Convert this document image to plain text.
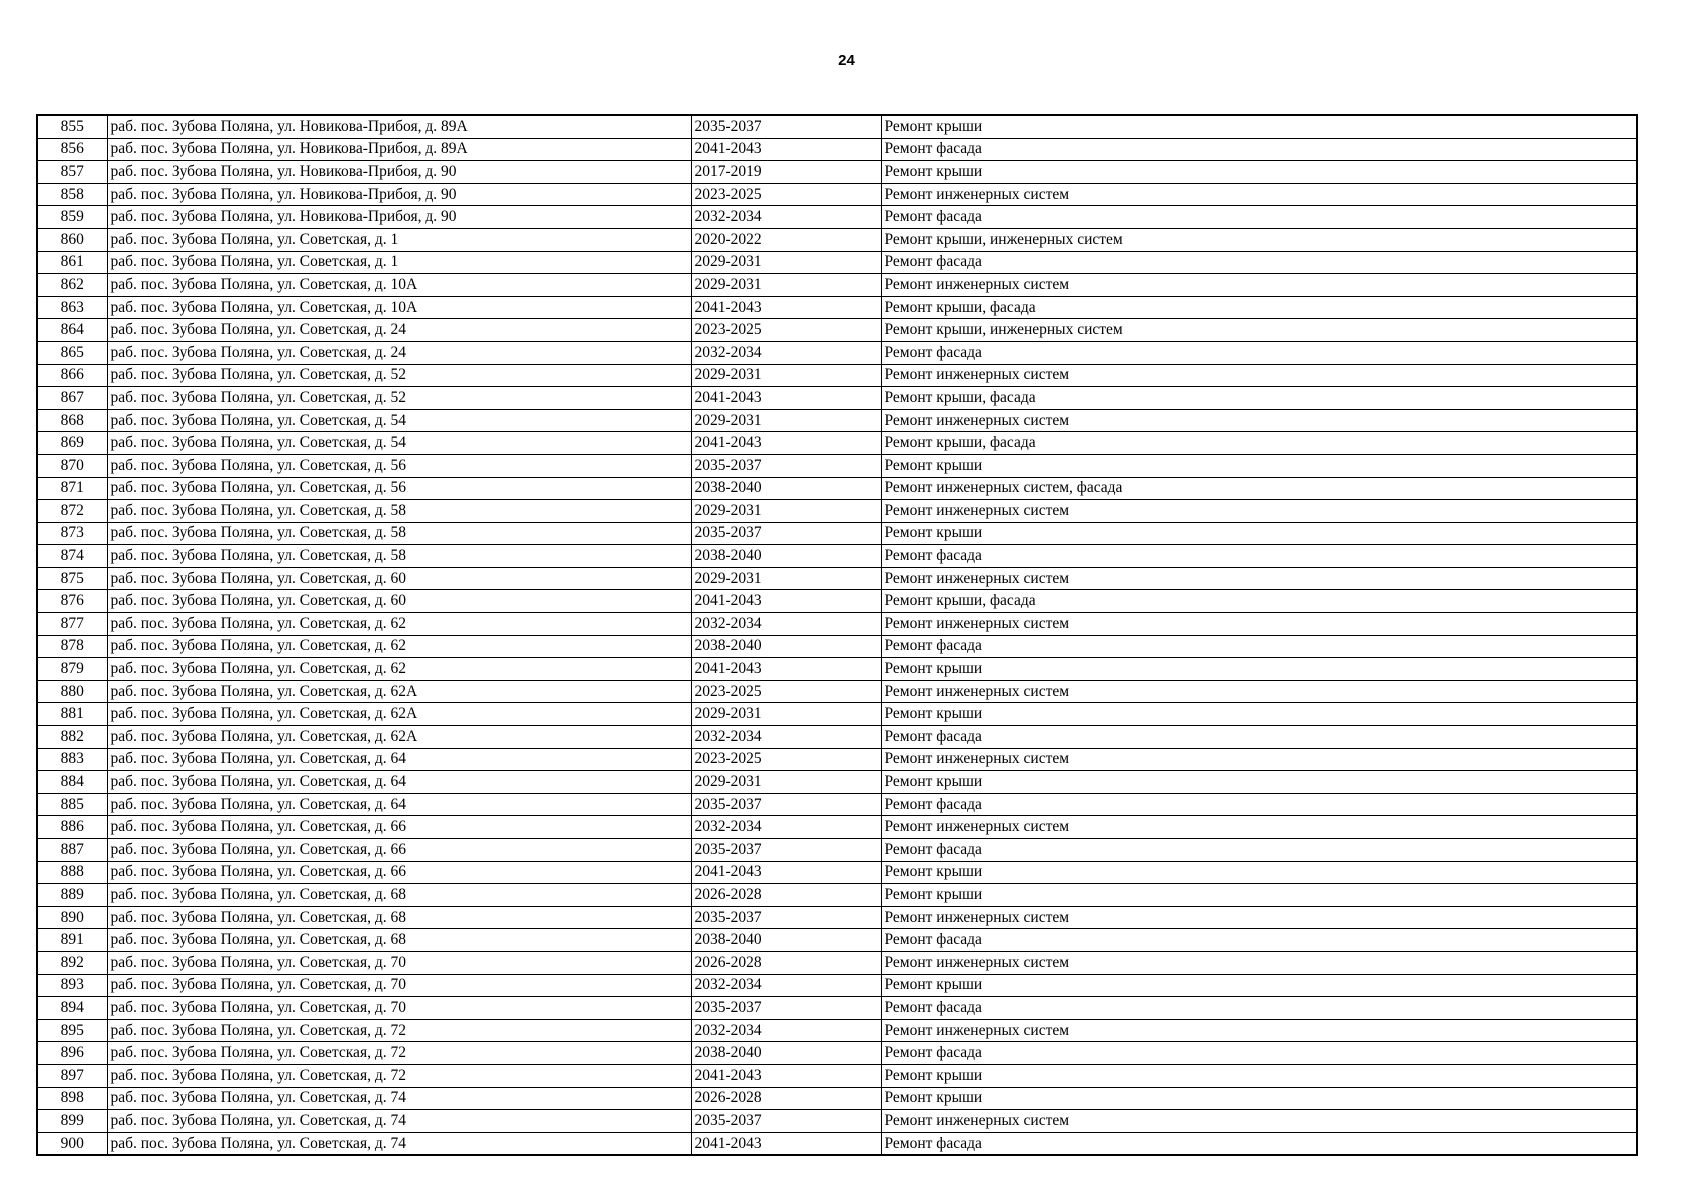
24
855	раб. пос. Зубова Поляна, ул. Новикова-Прибоя, д. 89А	2035-2037	Ремонт крыши
856	раб. пос. Зубова Поляна, ул. Новикова-Прибоя, д. 89А	2041-2043	Ремонт фасада
857	раб. пос. Зубова Поляна, ул. Новикова-Прибоя, д. 90	2017-2019	Ремонт крыши
858	раб. пос. Зубова Поляна, ул. Новикова-Прибоя, д. 90	2023-2025	Ремонт инженерных систем
859	раб. пос. Зубова Поляна, ул. Новикова-Прибоя, д. 90	2032-2034	Ремонт фасада
860	раб. пос. Зубова Поляна, ул. Советская, д. 1	2020-2022	Ремонт крыши, инженерных систем
861	раб. пос. Зубова Поляна, ул. Советская, д. 1	2029-2031	Ремонт фасада
862	раб. пос. Зубова Поляна, ул. Советская, д. 10А	2029-2031	Ремонт инженерных систем
863	раб. пос. Зубова Поляна, ул. Советская, д. 10А	2041-2043	Ремонт крыши, фасада
864	раб. пос. Зубова Поляна, ул. Советская, д. 24	2023-2025	Ремонт крыши, инженерных систем
865	раб. пос. Зубова Поляна, ул. Советская, д. 24	2032-2034	Ремонт фасада
866	раб. пос. Зубова Поляна, ул. Советская, д. 52	2029-2031	Ремонт инженерных систем
867	раб. пос. Зубова Поляна, ул. Советская, д. 52	2041-2043	Ремонт крыши, фасада
868	раб. пос. Зубова Поляна, ул. Советская, д. 54	2029-2031	Ремонт инженерных систем
869	раб. пос. Зубова Поляна, ул. Советская, д. 54	2041-2043	Ремонт крыши, фасада
870	раб. пос. Зубова Поляна, ул. Советская, д. 56	2035-2037	Ремонт крыши
871	раб. пос. Зубова Поляна, ул. Советская, д. 56	2038-2040	Ремонт инженерных систем, фасада
872	раб. пос. Зубова Поляна, ул. Советская, д. 58	2029-2031	Ремонт инженерных систем
873	раб. пос. Зубова Поляна, ул. Советская, д. 58	2035-2037	Ремонт крыши
874	раб. пос. Зубова Поляна, ул. Советская, д. 58	2038-2040	Ремонт фасада
875	раб. пос. Зубова Поляна, ул. Советская, д. 60	2029-2031	Ремонт инженерных систем
876	раб. пос. Зубова Поляна, ул. Советская, д. 60	2041-2043	Ремонт крыши, фасада
877	раб. пос. Зубова Поляна, ул. Советская, д. 62	2032-2034	Ремонт инженерных систем
878	раб. пос. Зубова Поляна, ул. Советская, д. 62	2038-2040	Ремонт фасада
879	раб. пос. Зубова Поляна, ул. Советская, д. 62	2041-2043	Ремонт крыши
880	раб. пос. Зубова Поляна, ул. Советская, д. 62А	2023-2025	Ремонт инженерных систем
881	раб. пос. Зубова Поляна, ул. Советская, д. 62А	2029-2031	Ремонт крыши
882	раб. пос. Зубова Поляна, ул. Советская, д. 62А	2032-2034	Ремонт фасада
883	раб. пос. Зубова Поляна, ул. Советская, д. 64	2023-2025	Ремонт инженерных систем
884	раб. пос. Зубова Поляна, ул. Советская, д. 64	2029-2031	Ремонт крыши
885	раб. пос. Зубова Поляна, ул. Советская, д. 64	2035-2037	Ремонт фасада
886	раб. пос. Зубова Поляна, ул. Советская, д. 66	2032-2034	Ремонт инженерных систем
887	раб. пос. Зубова Поляна, ул. Советская, д. 66	2035-2037	Ремонт фасада
888	раб. пос. Зубова Поляна, ул. Советская, д. 66	2041-2043	Ремонт крыши
889	раб. пос. Зубова Поляна, ул. Советская, д. 68	2026-2028	Ремонт крыши
890	раб. пос. Зубова Поляна, ул. Советская, д. 68	2035-2037	Ремонт инженерных систем
891	раб. пос. Зубова Поляна, ул. Советская, д. 68	2038-2040	Ремонт фасада
892	раб. пос. Зубова Поляна, ул. Советская, д. 70	2026-2028	Ремонт инженерных систем
893	раб. пос. Зубова Поляна, ул. Советская, д. 70	2032-2034	Ремонт крыши
894	раб. пос. Зубова Поляна, ул. Советская, д. 70	2035-2037	Ремонт фасада
895	раб. пос. Зубова Поляна, ул. Советская, д. 72	2032-2034	Ремонт инженерных систем
896	раб. пос. Зубова Поляна, ул. Советская, д. 72	2038-2040	Ремонт фасада
897	раб. пос. Зубова Поляна, ул. Советская, д. 72	2041-2043	Ремонт крыши
898	раб. пос. Зубова Поляна, ул. Советская, д. 74	2026-2028	Ремонт крыши
899	раб. пос. Зубова Поляна, ул. Советская, д. 74	2035-2037	Ремонт инженерных систем
900	раб. пос. Зубова Поляна, ул. Советская, д. 74	2041-2043	Ремонт фасада
